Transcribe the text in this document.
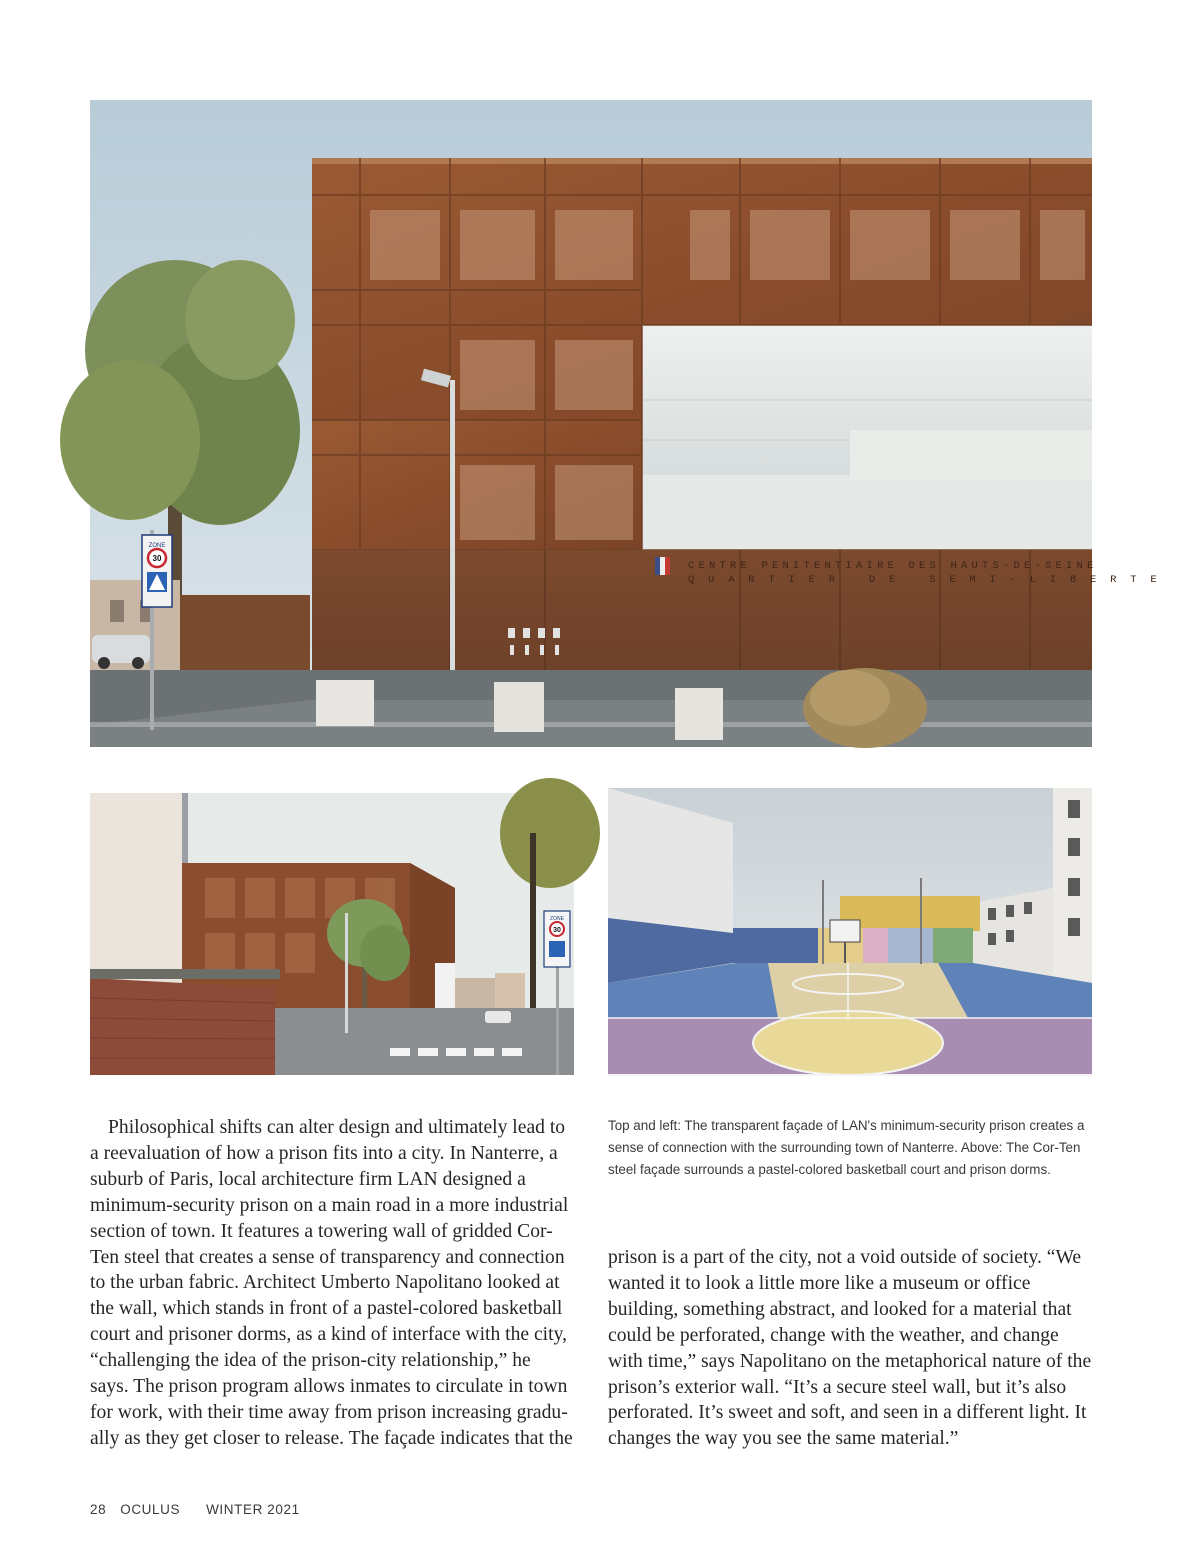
CENTRE PENITENTIAIRE DES HAUTS-DE-SEINE
QUARTIER DE SEMI-LIBERTE
ZONE
30
ZONE
30

Top and left: The transparent façade of LAN's minimum-security prison creates a sense of connection with the surrounding town of Nanterre. Above: The Cor-Ten steel façade surrounds a pastel-colored basketball court and prison dorms.

Philosophical shifts can alter design and ultimately lead to a reevaluation of how a prison fits into a city. In Nanterre, a suburb of Paris, local architecture firm LAN designed a minimum-security prison on a main road in a more industrial section of town. It features a towering wall of gridded Cor-Ten steel that creates a sense of transparency and connection to the urban fabric. Architect Umberto Napolitano looked at the wall, which stands in front of a pastel-colored basketball court and prisoner dorms, as a kind of interface with the city, “challenging the idea of the prison-city relationship,” he says. The prison program allows inmates to circulate in town for work, with their time away from prison increasing gradu-ally as they get closer to release. The façade indicates that the

prison is a part of the city, not a void outside of society. “We wanted it to look a little more like a museum or office building, something abstract, and looked for a material that could be perforated, change with the weather, and change with time,” says Napolitano on the metaphorical nature of the prison’s exterior wall. “It’s a secure steel wall, but it’s also perforated. It’s sweet and soft, and seen in a different light. It changes the way you see the same material.”

28 OCULUS WINTER 2021
